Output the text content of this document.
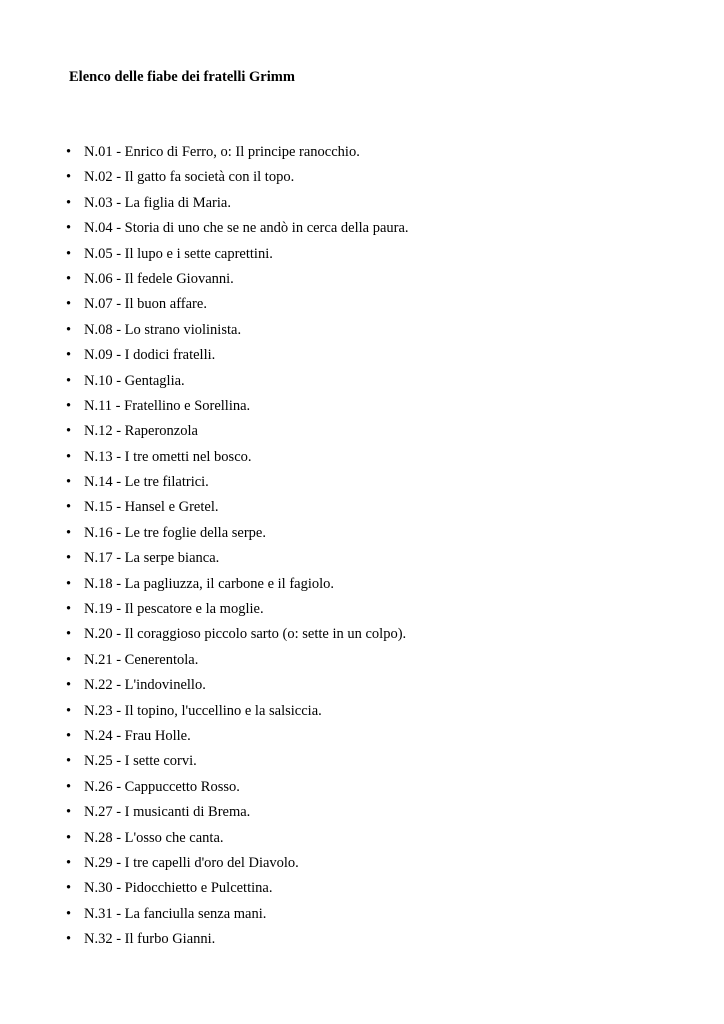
Elenco delle fiabe dei fratelli Grimm
• N.01 - Enrico di Ferro, o: Il principe ranocchio.
• N.02 - Il gatto fa società con il topo.
• N.03 - La figlia di Maria.
• N.04 - Storia di uno che se ne andò in cerca della paura.
• N.05 - Il lupo e i sette caprettini.
• N.06 - Il fedele Giovanni.
• N.07 - Il buon affare.
• N.08 - Lo strano violinista.
• N.09 - I dodici fratelli.
• N.10 - Gentaglia.
• N.11 - Fratellino e Sorellina.
• N.12 - Raperonzola
• N.13 - I tre ometti nel bosco.
• N.14 - Le tre filatrici.
• N.15 - Hansel e Gretel.
• N.16 - Le tre foglie della serpe.
• N.17 - La serpe bianca.
• N.18 - La pagliuzza, il carbone e il fagiolo.
• N.19 - Il pescatore e la moglie.
• N.20 - Il coraggioso piccolo sarto (o: sette in un colpo).
• N.21 - Cenerentola.
• N.22 - L'indovinello.
• N.23 - Il topino, l'uccellino e la salsiccia.
• N.24 - Frau Holle.
• N.25 - I sette corvi.
• N.26 - Cappuccetto Rosso.
• N.27 - I musicanti di Brema.
• N.28 - L'osso che canta.
• N.29 - I tre capelli d'oro del Diavolo.
• N.30 - Pidocchietto e Pulcettina.
• N.31 - La fanciulla senza mani.
• N.32 - Il furbo Gianni.
